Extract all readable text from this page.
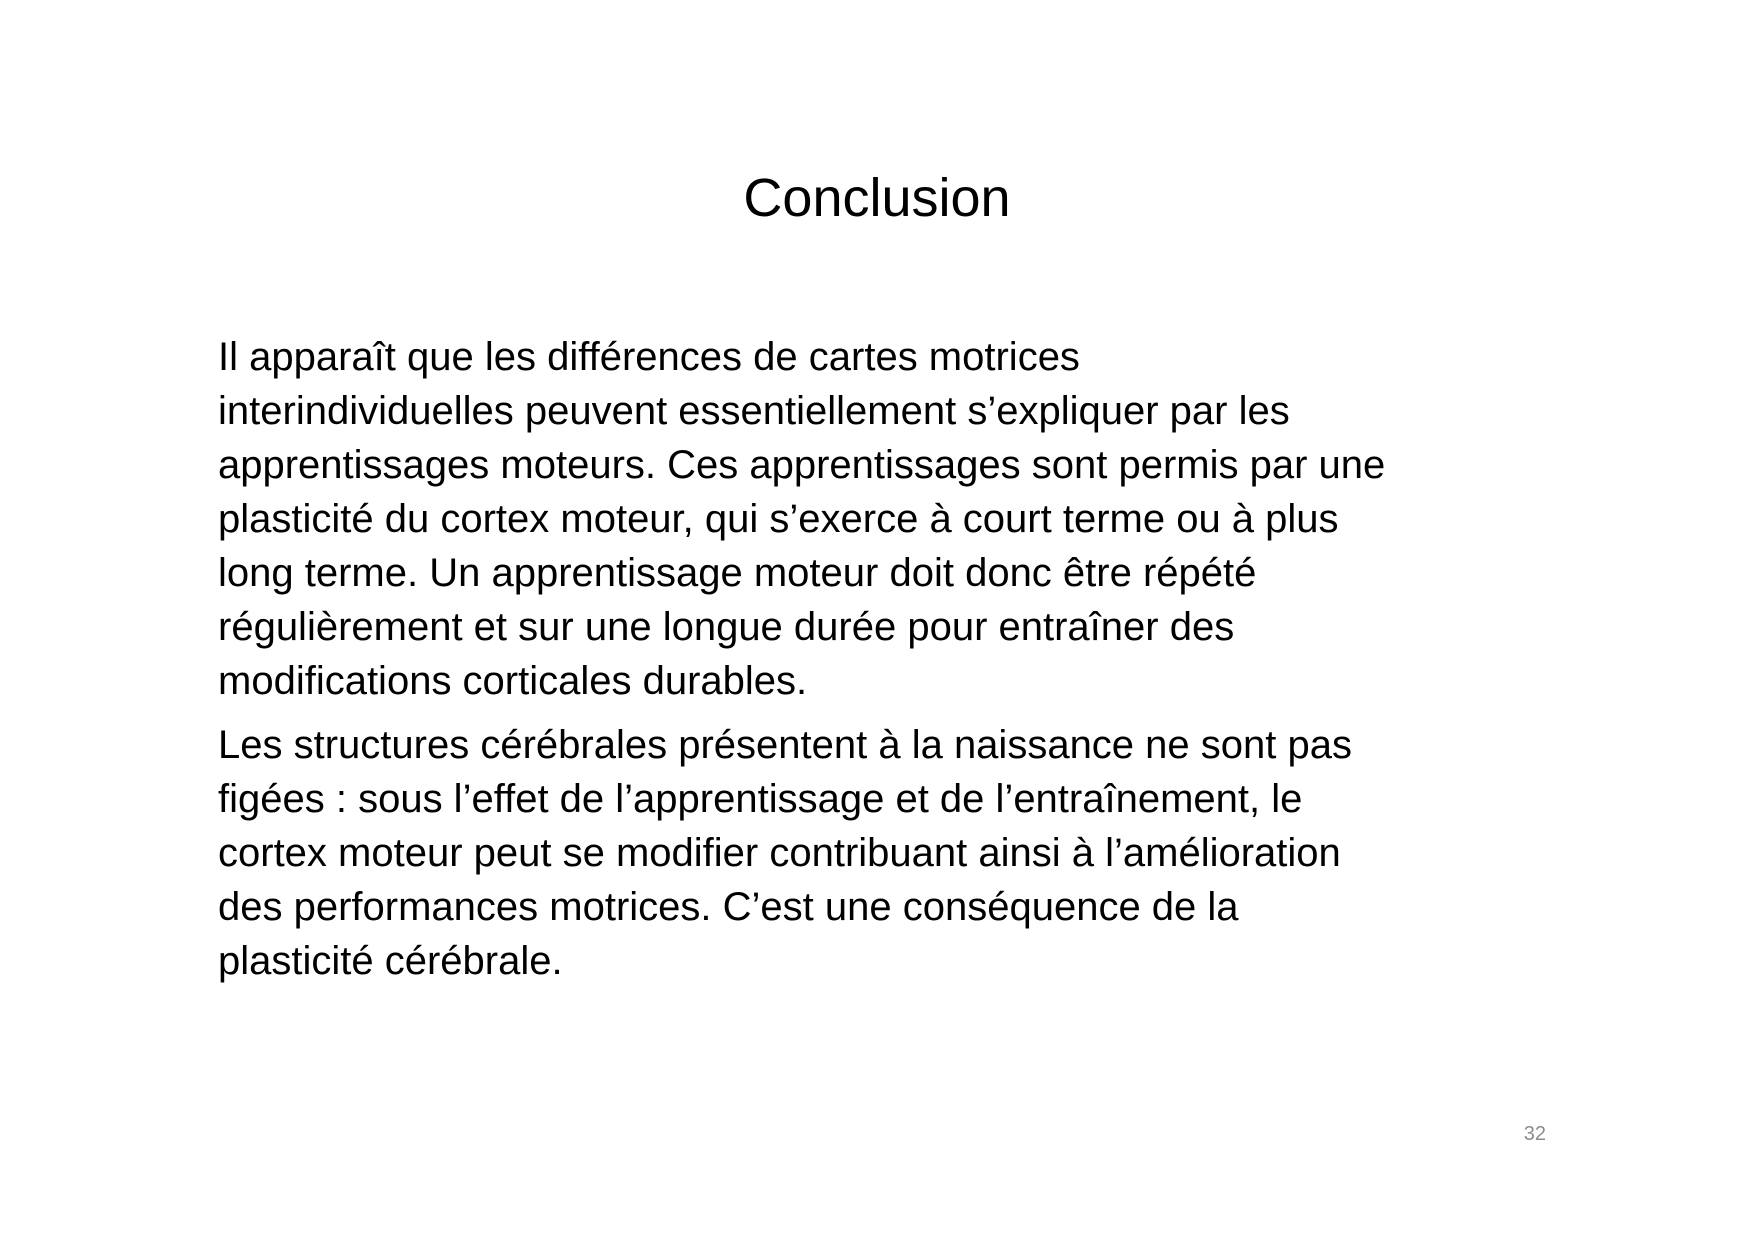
Conclusion
Il apparaît que les différences de cartes motrices
interindividuelles peuvent essentiellement s’expliquer par les
apprentissages moteurs. Ces apprentissages sont permis par une
plasticité du cortex moteur, qui s’exerce à court terme ou à plus
long terme. Un apprentissage moteur doit donc être répété
régulièrement et sur une longue durée pour entraîner des
modifications corticales durables.
Les structures cérébrales présentent à la naissance ne sont pas
figées : sous l’effet de l’apprentissage et de l’entraînement, le
cortex moteur peut se modifier contribuant ainsi à l’amélioration
des performances motrices. C’est une conséquence de la
plasticité cérébrale.
32
